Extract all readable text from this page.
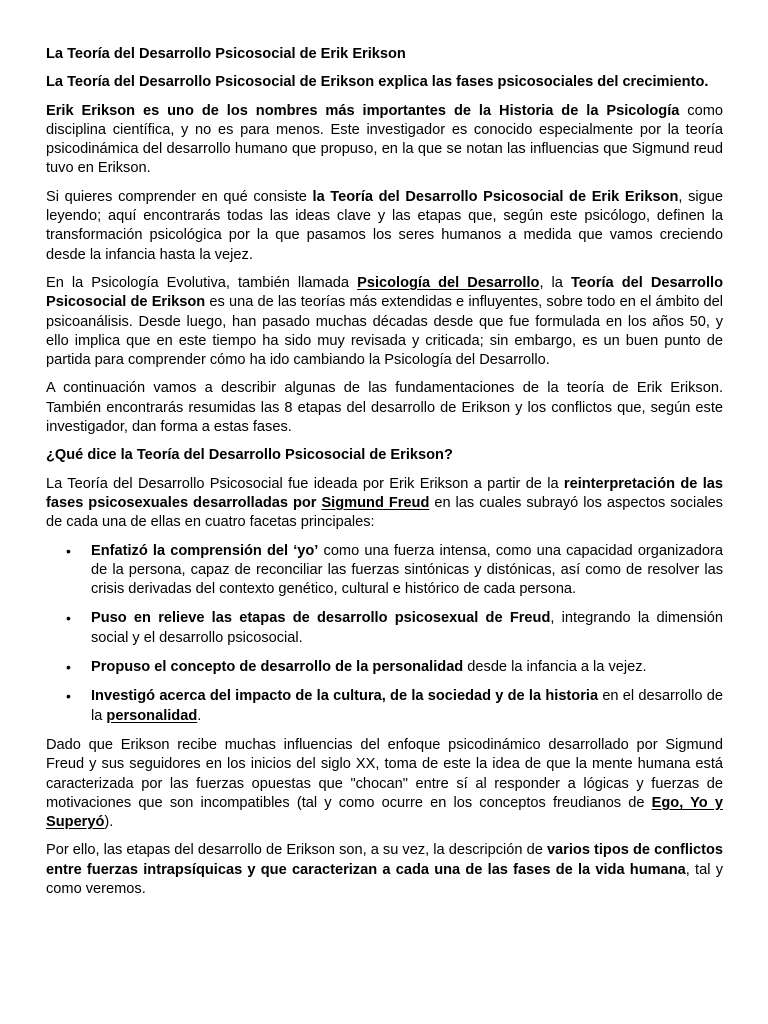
La Teoría del Desarrollo Psicosocial de Erik Erikson
La Teoría del Desarrollo Psicosocial de Erikson explica las fases psicosociales del crecimiento.

Erik Erikson es uno de los nombres más importantes de la Historia de la Psicología como disciplina científica, y no es para menos. Este investigador es conocido especialmente por la teoría psicodinámica del desarrollo humano que propuso, en la que se notan las influencias que Sigmund reud tuvo en Erikson.

Si quieres comprender en qué consiste la Teoría del Desarrollo Psicosocial de Erik Erikson, sigue leyendo; aquí encontrarás todas las ideas clave y las etapas que, según este psicólogo, definen la transformación psicológica por la que pasamos los seres humanos a medida que vamos creciendo desde la infancia hasta la vejez.

En la Psicología Evolutiva, también llamada Psicología del Desarrollo, la Teoría del Desarrollo Psicosocial de Erikson es una de las teorías más extendidas e influyentes, sobre todo en el ámbito del psicoanálisis. Desde luego, han pasado muchas décadas desde que fue formulada en los años 50, y ello implica que en este tiempo ha sido muy revisada y criticada; sin embargo, es un buen punto de partida para comprender cómo ha ido cambiando la Psicología del Desarrollo.

A continuación vamos a describir algunas de las fundamentaciones de la teoría de Erik Erikson. También encontrarás resumidas las 8 etapas del desarrollo de Erikson y los conflictos que, según este investigador, dan forma a estas fases.

¿Qué dice la Teoría del Desarrollo Psicosocial de Erikson?

La Teoría del Desarrollo Psicosocial fue ideada por Erik Erikson a partir de la reinterpretación de las fases psicosexuales desarrolladas por Sigmund Freud en las cuales subrayó los aspectos sociales de cada una de ellas en cuatro facetas principales:

• Enfatizó la comprensión del ‘yo’ como una fuerza intensa, como una capacidad organizadora de la persona, capaz de reconciliar las fuerzas sintónicas y distónicas, así como de resolver las crisis derivadas del contexto genético, cultural e histórico de cada persona.
• Puso en relieve las etapas de desarrollo psicosexual de Freud, integrando la dimensión social y el desarrollo psicosocial.
• Propuso el concepto de desarrollo de la personalidad desde la infancia a la vejez.
• Investigó acerca del impacto de la cultura, de la sociedad y de la historia en el desarrollo de la personalidad.

Dado que Erikson recibe muchas influencias del enfoque psicodinámico desarrollado por Sigmund Freud y sus seguidores en los inicios del siglo XX, toma de este la idea de que la mente humana está caracterizada por las fuerzas opuestas que "chocan" entre sí al responder a lógicas y fuerzas de motivaciones que son incompatibles (tal y como ocurre en los conceptos freudianos de Ego, Yo y Superyó).

Por ello, las etapas del desarrollo de Erikson son, a su vez, la descripción de varios tipos de conflictos entre fuerzas intrapsíquicas y que caracterizan a cada una de las fases de la vida humana, tal y como veremos.
